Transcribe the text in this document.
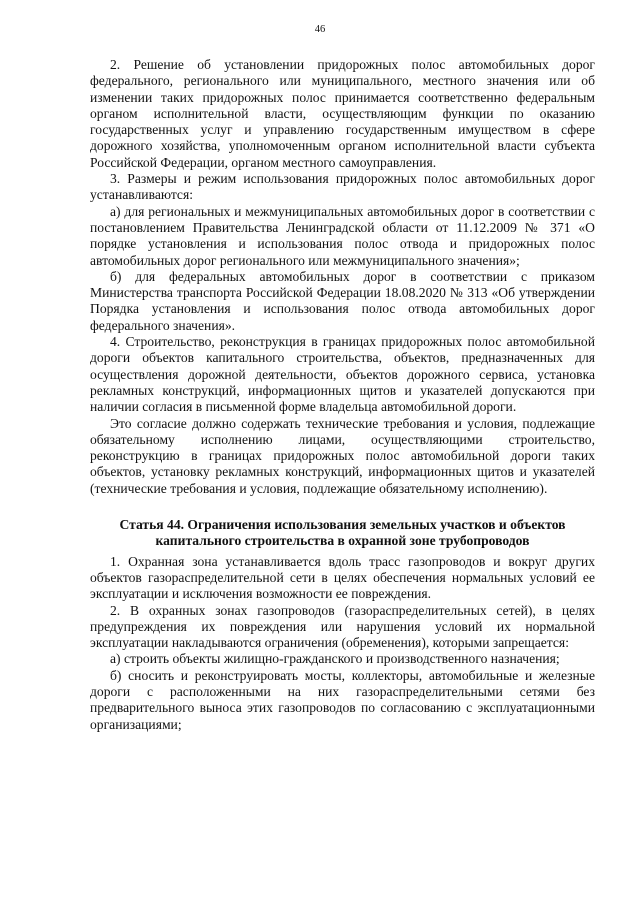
46

2. Решение об установлении придорожных полос автомобильных дорог федерального, регионального или муниципального, местного значения или об изменении таких придорожных полос принимается соответственно федеральным органом исполнительной власти, осуществляющим функции по оказанию государственных услуг и управлению государственным имуществом в сфере дорожного хозяйства, уполномоченным органом исполнительной власти субъекта Российской Федерации, органом местного самоуправления.

3. Размеры и режим использования придорожных полос автомобильных дорог устанавливаются:

а) для региональных и межмуниципальных автомобильных дорог в соответствии с постановлением Правительства Ленинградской области от 11.12.2009 № 371 «О порядке установления и использования полос отвода и придорожных полос автомобильных дорог регионального или межмуниципального значения»;

б) для федеральных автомобильных дорог в соответствии с приказом Министерства транспорта Российской Федерации 18.08.2020 № 313 «Об утверждении Порядка установления и использования полос отвода автомобильных дорог федерального значения».

4. Строительство, реконструкция в границах придорожных полос автомобильной дороги объектов капитального строительства, объектов, предназначенных для осуществления дорожной деятельности, объектов дорожного сервиса, установка рекламных конструкций, информационных щитов и указателей допускаются при наличии согласия в письменной форме владельца автомобильной дороги.

Это согласие должно содержать технические требования и условия, подлежащие обязательному исполнению лицами, осуществляющими строительство, реконструкцию в границах придорожных полос автомобильной дороги таких объектов, установку рекламных конструкций, информационных щитов и указателей (технические требования и условия, подлежащие обязательному исполнению).

Статья 44. Ограничения использования земельных участков и объектов капитального строительства в охранной зоне трубопроводов

1. Охранная зона устанавливается вдоль трасс газопроводов и вокруг других объектов газораспределительной сети в целях обеспечения нормальных условий ее эксплуатации и исключения возможности ее повреждения.

2. В охранных зонах газопроводов (газораспределительных сетей), в целях предупреждения их повреждения или нарушения условий их нормальной эксплуатации накладываются ограничения (обременения), которыми запрещается:

а) строить объекты жилищно-гражданского и производственного назначения;

б) сносить и реконструировать мосты, коллекторы, автомобильные и железные дороги с расположенными на них газораспределительными сетями без предварительного выноса этих газопроводов по согласованию с эксплуатационными организациями;
